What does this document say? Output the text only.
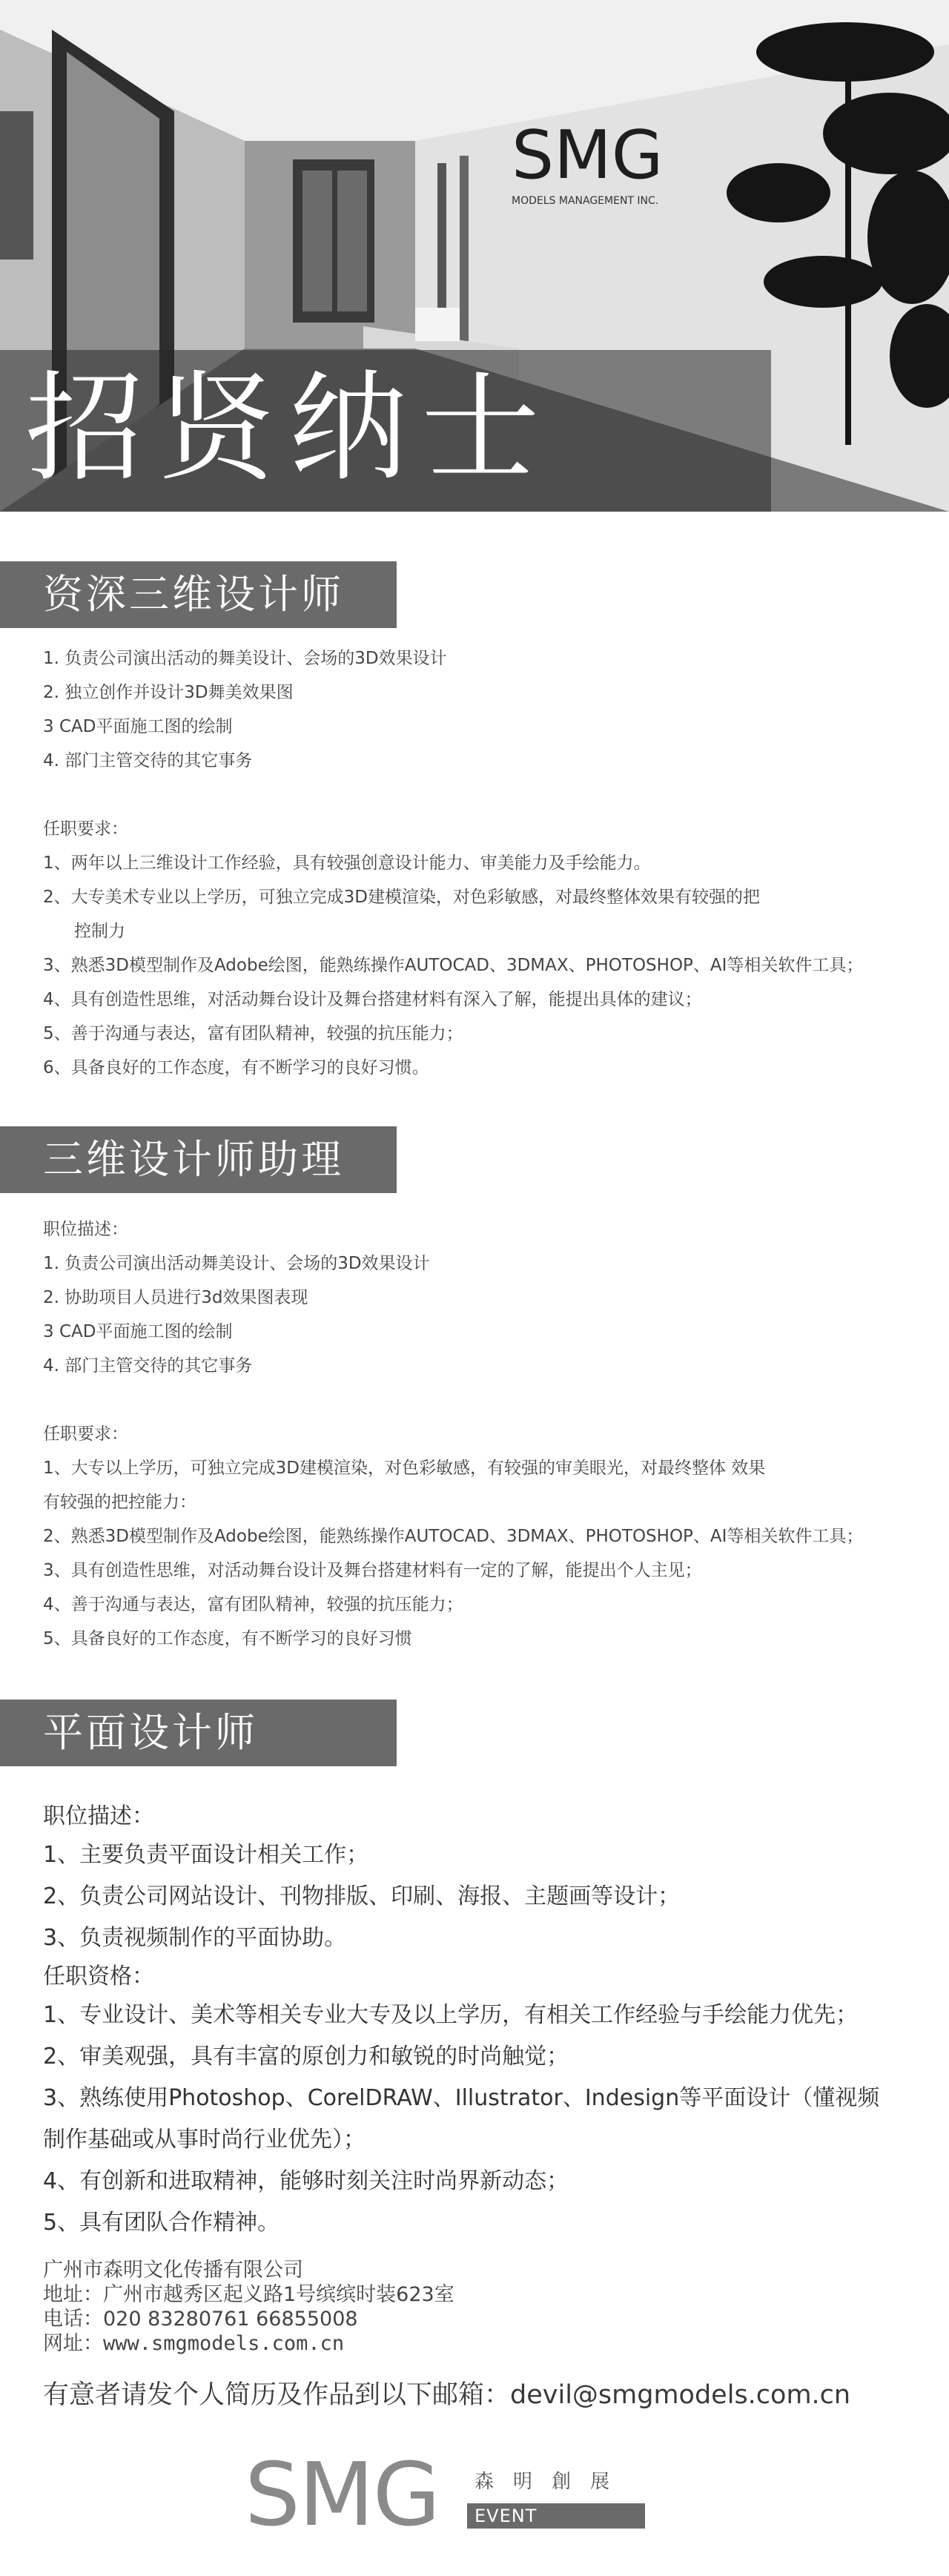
SMG
MODELS MANAGEMENT INC.
招贤纳士
资深三维设计师
1. 负责公司演出活动的舞美设计、会场的3D效果设计
2. 独立创作并设计3D舞美效果图
3 CAD平面施工图的绘制
4. 部门主管交待的其它事务
任职要求：
1、两年以上三维设计工作经验，具有较强创意设计能力、审美能力及手绘能力。
2、大专美术专业以上学历，可独立完成3D建模渲染，对色彩敏感，对最终整体效果有较强的把
控制力
3、熟悉3D模型制作及Adobe绘图，能熟练操作AUTOCAD、3DMAX、PHOTOSHOP、AI等相关软件工具；
4、具有创造性思维，对活动舞台设计及舞台搭建材料有深入了解，能提出具体的建议；
5、善于沟通与表达，富有团队精神，较强的抗压能力；
6、具备良好的工作态度，有不断学习的良好习惯。
三维设计师助理
职位描述：
1. 负责公司演出活动舞美设计、会场的3D效果设计
2. 协助项目人员进行3d效果图表现
3 CAD平面施工图的绘制
4. 部门主管交待的其它事务
任职要求：
1、大专以上学历，可独立完成3D建模渲染，对色彩敏感，有较强的审美眼光，对最终整体 效果
有较强的把控能力：
2、熟悉3D模型制作及Adobe绘图，能熟练操作AUTOCAD、3DMAX、PHOTOSHOP、AI等相关软件工具；
3、具有创造性思维，对活动舞台设计及舞台搭建材料有一定的了解，能提出个人主见；
4、善于沟通与表达，富有团队精神，较强的抗压能力；
5、具备良好的工作态度，有不断学习的良好习惯
平面设计师
职位描述：
1、主要负责平面设计相关工作；
2、负责公司网站设计、刊物排版、印刷、海报、主题画等设计；
3、负责视频制作的平面协助。
任职资格：
1、专业设计、美术等相关专业大专及以上学历，有相关工作经验与手绘能力优先；
2、审美观强，具有丰富的原创力和敏锐的时尚触觉；
3、熟练使用Photoshop、CorelDRAW、Illustrator、Indesign等平面设计（懂视频
制作基础或从事时尚行业优先）；
4、有创新和进取精神，能够时刻关注时尚界新动态；
5、具有团队合作精神。
广州市森明文化传播有限公司
地址：广州市越秀区起义路1号缤缤时装623室
电话：020 83280761 66855008
网址：www.smgmodels.com.cn
有意者请发个人简历及作品到以下邮箱：devil@smgmodels.com.cn
SMG 森明創展
EVENT MANAGEMENT
